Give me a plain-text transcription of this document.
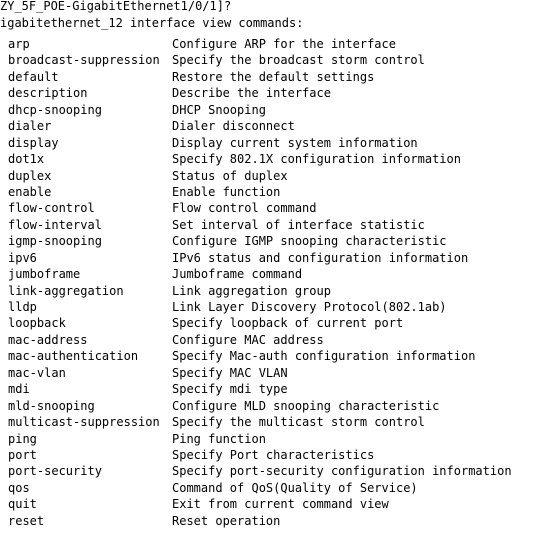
ZY_5F_POE-GigabitEthernet1/0/1]?
igabitethernet_12 interface view commands:
arp	Configure ARP for the interface
broadcast-suppression Specify the broadcast storm control
default	Restore the default settings
description	Describe the interface
dhcp-snooping	DHCP Snooping
dialer	Dialer disconnect
display	Display current system information
dot1x	Specify 802.1X configuration information
duplex	Status of duplex
enable	Enable function
flow-control	Flow control command
flow-interval	Set interval of interface statistic
igmp-snooping	Configure IGMP snooping characteristic
ipv6	IPv6 status and configuration information
jumboframe	Jumboframe command
link-aggregation	Link aggregation group
lldp	Link Layer Discovery Protocol(802.1ab)
loopback	Specify loopback of current port
mac-address	Configure MAC address
mac-authentication	Specify Mac-auth configuration information
mac-vlan	Specify MAC VLAN
mdi	Specify mdi type
mld-snooping	Configure MLD snooping characteristic
multicast-suppression Specify the multicast storm control
ping	Ping function
port	Specify Port characteristics
port-security	Specify port-security configuration information
qos	Command of QoS(Quality of Service)
quit	Exit from current command view
reset	Reset operation
